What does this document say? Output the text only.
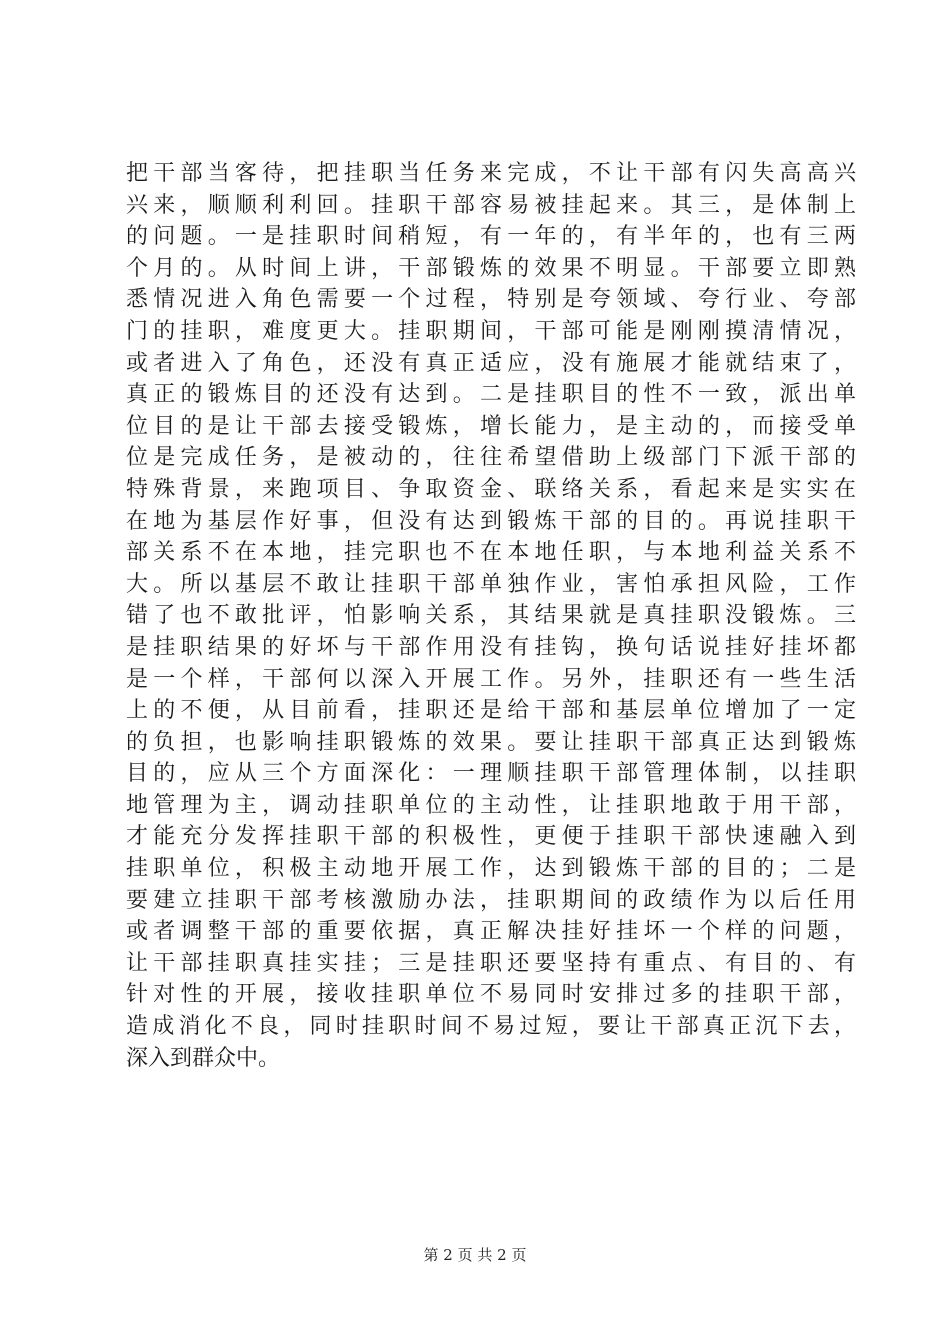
把干部当客待，把挂职当任务来完成，不让干部有闪失高高兴
兴来，顺顺利利回。挂职干部容易被挂起来。其三，是体制上
的问题。一是挂职时间稍短，有一年的，有半年的，也有三两
个月的。从时间上讲，干部锻炼的效果不明显。干部要立即熟
悉情况进入角色需要一个过程，特别是夸领域、夸行业、夸部
门的挂职，难度更大。挂职期间，干部可能是刚刚摸清情况，
或者进入了角色，还没有真正适应，没有施展才能就结束了，
真正的锻炼目的还没有达到。二是挂职目的性不一致，派出单
位目的是让干部去接受锻炼，增长能力，是主动的，而接受单
位是完成任务，是被动的，往往希望借助上级部门下派干部的
特殊背景，来跑项目、争取资金、联络关系，看起来是实实在
在地为基层作好事，但没有达到锻炼干部的目的。再说挂职干
部关系不在本地，挂完职也不在本地任职，与本地利益关系不
大。所以基层不敢让挂职干部单独作业，害怕承担风险，工作
错了也不敢批评，怕影响关系，其结果就是真挂职没锻炼。三
是挂职结果的好坏与干部作用没有挂钩，换句话说挂好挂坏都
是一个样，干部何以深入开展工作。另外，挂职还有一些生活
上的不便，从目前看，挂职还是给干部和基层单位增加了一定
的负担，也影响挂职锻炼的效果。要让挂职干部真正达到锻炼
目的，应从三个方面深化：一理顺挂职干部管理体制，以挂职
地管理为主，调动挂职单位的主动性，让挂职地敢于用干部，
才能充分发挥挂职干部的积极性，更便于挂职干部快速融入到
挂职单位，积极主动地开展工作，达到锻炼干部的目的；二是
要建立挂职干部考核激励办法，挂职期间的政绩作为以后任用
或者调整干部的重要依据，真正解决挂好挂坏一个样的问题，
让干部挂职真挂实挂；三是挂职还要坚持有重点、有目的、有
针对性的开展，接收挂职单位不易同时安排过多的挂职干部，
造成消化不良，同时挂职时间不易过短，要让干部真正沉下去，
深入到群众中。
第 2 页 共 2 页
